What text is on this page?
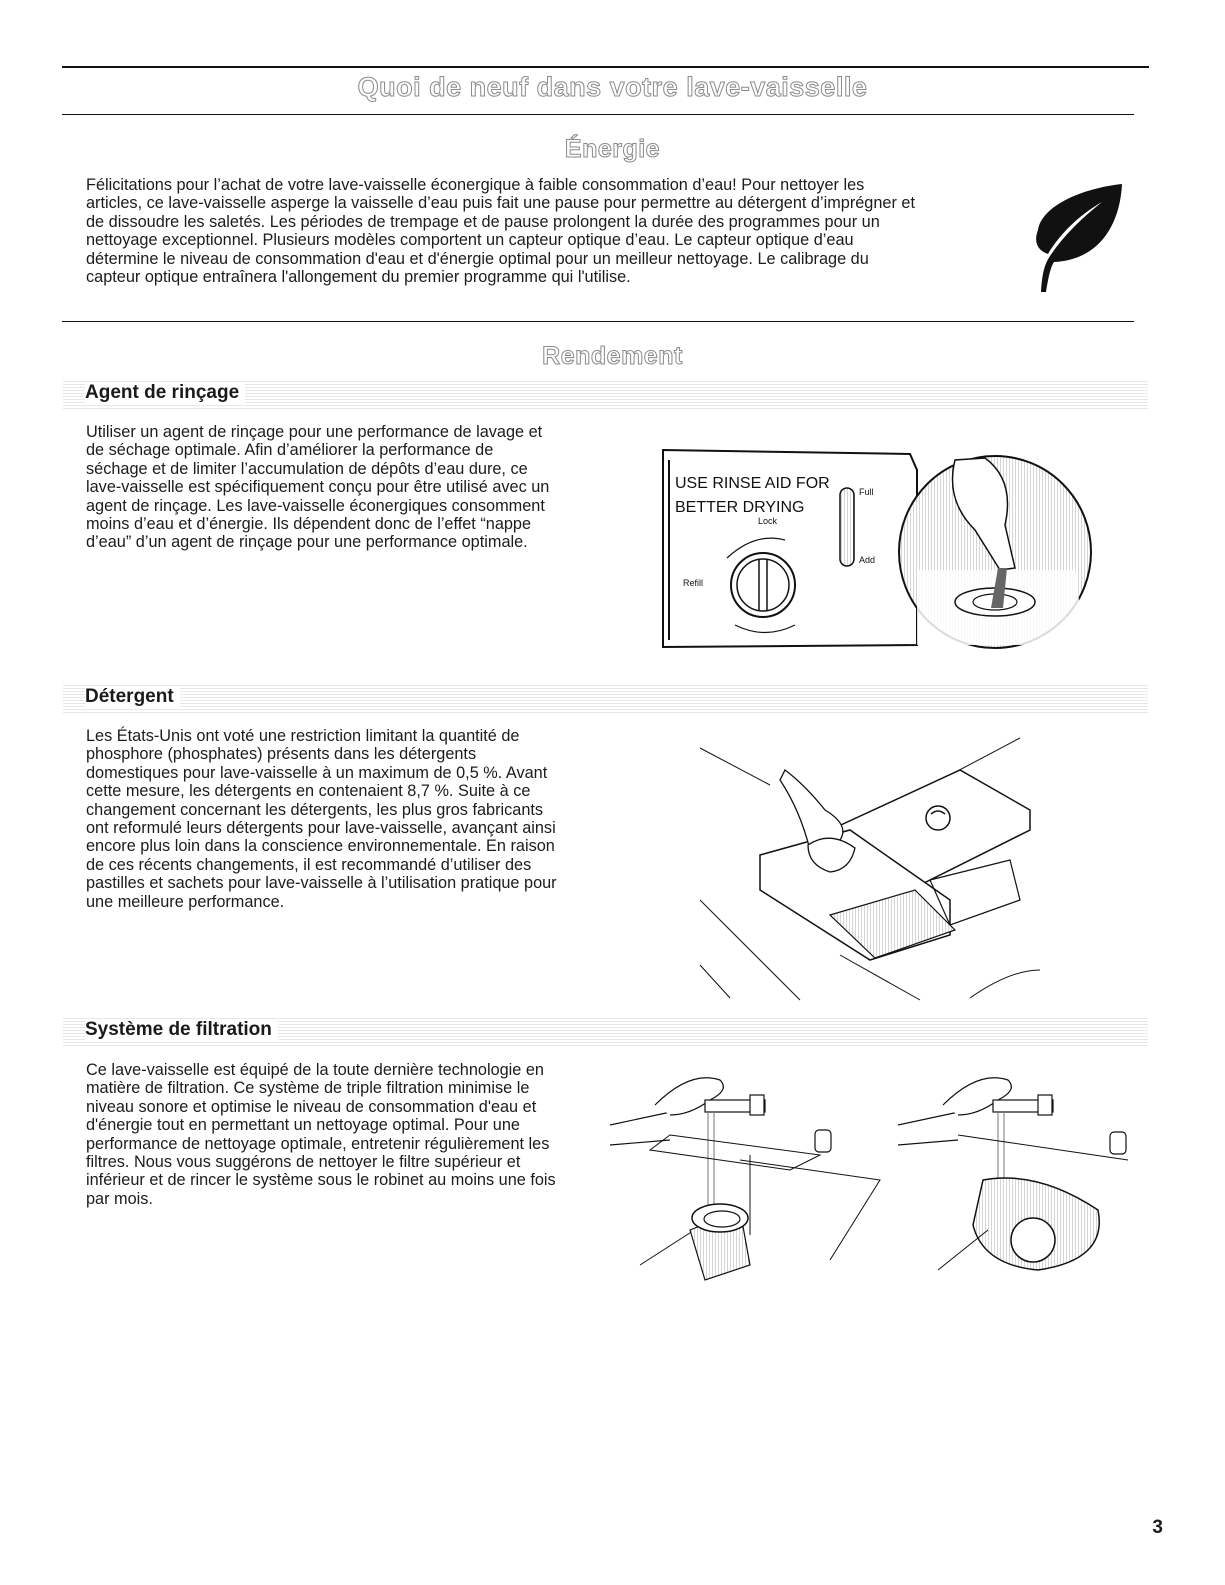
Quoi de neuf dans votre lave-vaisselle
Énergie
Félicitations pour l’achat de votre lave-vaisselle éconergique à faible consommation d’eau! Pour nettoyer les
articles, ce lave-vaisselle asperge la vaisselle d’eau puis fait une pause pour permettre au détergent d’imprégner et
de dissoudre les saletés. Les périodes de trempage et de pause prolongent la durée des programmes pour un
nettoyage exceptionnel. Plusieurs modèles comportent un capteur optique d’eau. Le capteur optique d’eau
détermine le niveau de consommation d'eau et d'énergie optimal pour un meilleur nettoyage. Le calibrage du
capteur optique entraînera l'allongement du premier programme qui l'utilise.
Rendement
Agent de rinçage
Utiliser un agent de rinçage pour une performance de lavage et
de séchage optimale. Afin d’améliorer la performance de
séchage et de limiter l’accumulation de dépôts d’eau dure, ce
lave-vaisselle est spécifiquement conçu pour être utilisé avec un
agent de rinçage. Les lave-vaisselle éconergiques consomment
moins d’eau et d’énergie. Ils dépendent donc de l’effet “nappe
d’eau” d’un agent de rinçage pour une performance optimale.
USE RINSE AID FOR
BETTER DRYING
Lock
Refill
Full
Add
Détergent
Les États-Unis ont voté une restriction limitant la quantité de
phosphore (phosphates) présents dans les détergents
domestiques pour lave-vaisselle à un maximum de 0,5 %. Avant
cette mesure, les détergents en contenaient 8,7 %. Suite à ce
changement concernant les détergents, les plus gros fabricants
ont reformulé leurs détergents pour lave-vaisselle, avançant ainsi
encore plus loin dans la conscience environnementale. En raison
de ces récents changements, il est recommandé d’utiliser des
pastilles et sachets pour lave-vaisselle à l’utilisation pratique pour
une meilleure performance.
Système de filtration
Ce lave-vaisselle est équipé de la toute dernière technologie en
matière de filtration. Ce système de triple filtration minimise le
niveau sonore et optimise le niveau de consommation d'eau et
d'énergie tout en permettant un nettoyage optimal. Pour une
performance de nettoyage optimale, entretenir régulièrement les
filtres. Nous vous suggérons de nettoyer le filtre supérieur et
inférieur et de rincer le système sous le robinet au moins une fois
par mois.
3
